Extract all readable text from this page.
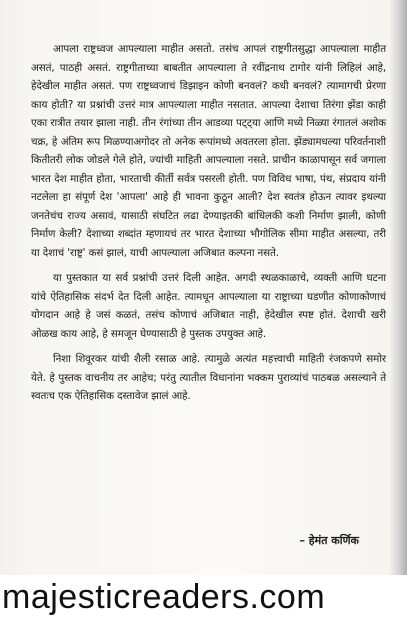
आपला राष्ट्रध्वज आपल्याला माहीत असतो. तसंच आपलं राष्ट्रगीतसुद्धा आपल्याला माहीत असतं, पाठही असतं. राष्ट्रगीताच्या बाबतीत आपल्याला ते रवींद्रनाथ टागोर यांनी लिहिलं आहे, हेदेखील माहीत असतं. पण राष्ट्रध्वजाचं डिझाइन कोणी बनवलं? कधी बनवलं? त्यामागची प्रेरणा काय होती? या प्रश्नांची उत्तरं मात्र आपल्याला माहीत नसतात. आपल्या देशाचा तिरंगा झेंडा काही एका रात्रीत तयार झाला नाही. तीन रंगांच्या तीन आडव्या पट्ट्या आणि मध्ये निळ्या रंगातलं अशोक चक्र, हे अंतिम रूप मिळण्याअगोदर तो अनेक रूपांमध्ये अवतरला होता. झेंड्यामधल्या परिवर्तनाशी कितीतरी लोक जोडले गेले होते, ज्यांची माहिती आपल्याला नसते. प्राचीन काळापासून सर्व जगाला भारत देश माहीत होता, भारताची कीर्ती सर्वत्र पसरली होती. पण विविध भाषा, पंथ, संप्रदाय यांनी नटलेला हा संपूर्ण देश 'आपला' आहे ही भावना कुठून आली? देश स्वतंत्र होऊन त्यावर इथल्या जनतेचंच राज्य असावं, यासाठी संघटित लढा देण्याइतकी बांधिलकी कशी निर्माण झाली, कोणी निर्माण केली? देशाच्या शब्दांत म्हणायचं तर भारत देशाच्या भौगोलिक सीमा माहीत असल्या, तरी या देशाचं 'राष्ट्र' कसं झालं, याची आपल्याला अजिबात कल्पना नसते.

या पुस्तकात या सर्व प्रश्नांची उत्तरं दिली आहेत. अगदी स्थळकाळाचे, व्यक्ती आणि घटना यांचे ऐतिहासिक संदर्भ देत दिली आहेत. त्यामधून आपल्याला या राष्ट्राच्या घडणीत कोणाकोणाचं योगदान आहे हे जसं कळतं, तसंच कोणाचं अजिबात नाही, हेदेखील स्पष्ट होतं. देशाची खरी ओळख काय आहे, हे समजून घेण्यासाठी हे पुस्तक उपयुक्त आहे.

निशा शिवूरकर यांची शैली रसाळ आहे. त्यामुळे अत्यंत महत्त्वाची माहिती रंजकपणे समोर येते. हे पुस्तक वाचनीय तर आहेच; परंतु त्यातील विधानांना भक्कम पुराव्यांचं पाठबळ असल्याने ते स्वतःच एक ऐतिहासिक दस्तावेज झालं आहे.

– हेमंत कर्णिक
majesticreaders.com
